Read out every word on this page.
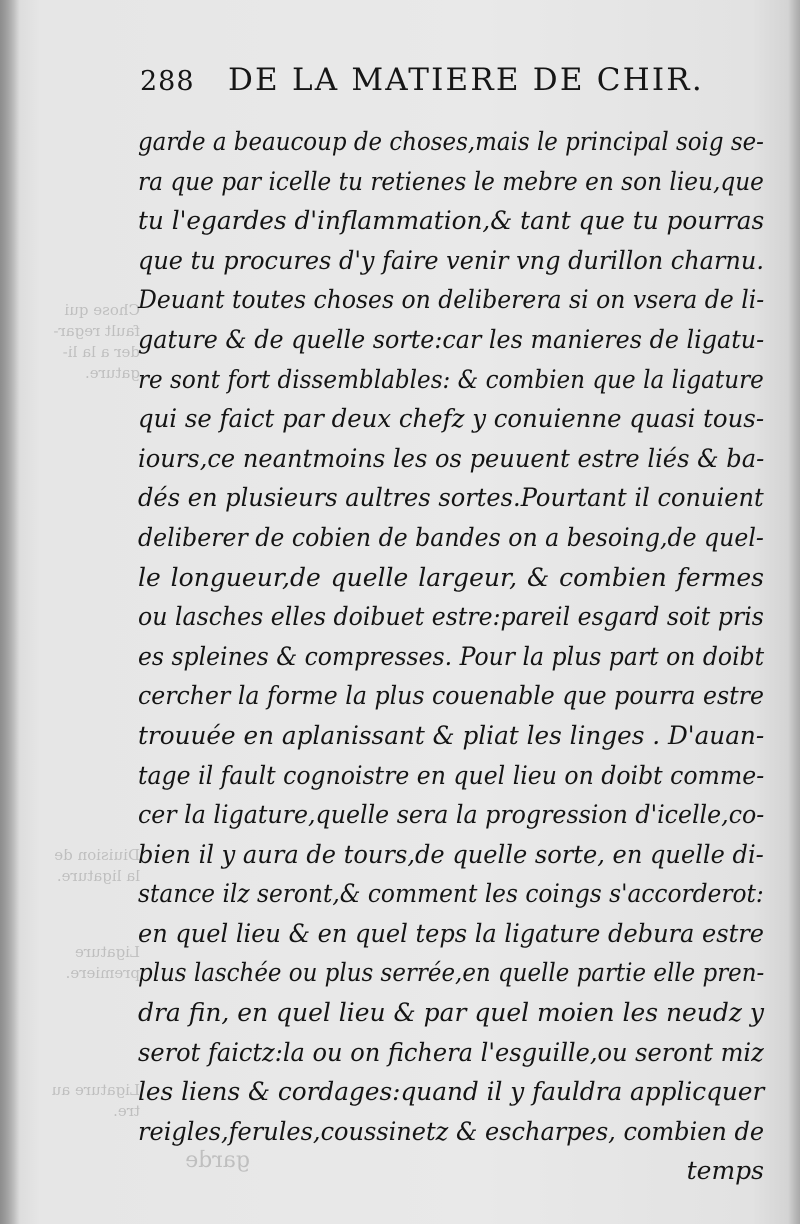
Chose qui
fault regar-
der a la li-
gature.
Diuision de
la ligature.
Ligature
premiere.
Ligature au
tre.
garde
288 DE LA MATIERE DE CHIR.
garde a beaucoup de choses,mais le principal soig se-
ra que par icelle tu retienes le mebre en son lieu,que
tu l'egardes d'inflammation,& tant que tu pourras
que tu procures d'y faire venir vng durillon charnu.
Deuant toutes choses on deliberera si on vsera de li-
gature & de quelle sorte:car les manieres de ligatu-
re sont fort dissemblables: & combien que la ligature
qui se faict par deux chefz y conuienne quasi tous-
iours,ce neantmoins les os peuuent estre liés & ba-
dés en plusieurs aultres sortes.Pourtant il conuient
deliberer de cobien de bandes on a besoing,de quel-
le longueur,de quelle largeur, & combien fermes
ou lasches elles doibuet estre:pareil esgard soit pris
es spleines & compresses. Pour la plus part on doibt
cercher la forme la plus couenable que pourra estre
trouuée en aplanissant & pliat les linges . D'auan-
tage il fault cognoistre en quel lieu on doibt comme-
cer la ligature,quelle sera la progression d'icelle,co-
bien il y aura de tours,de quelle sorte, en quelle di-
stance ilz seront,& comment les coings s'accorderot:
en quel lieu & en quel teps la ligature debura estre
plus laschée ou plus serrée,en quelle partie elle pren-
dra fin, en quel lieu & par quel moien les neudz y
serot faictz:la ou on fichera l'esguille,ou seront miz
les liens & cordages:quand il y fauldra applicquer
reigles,ferules,coussinetz & escharpes, combien de
temps
